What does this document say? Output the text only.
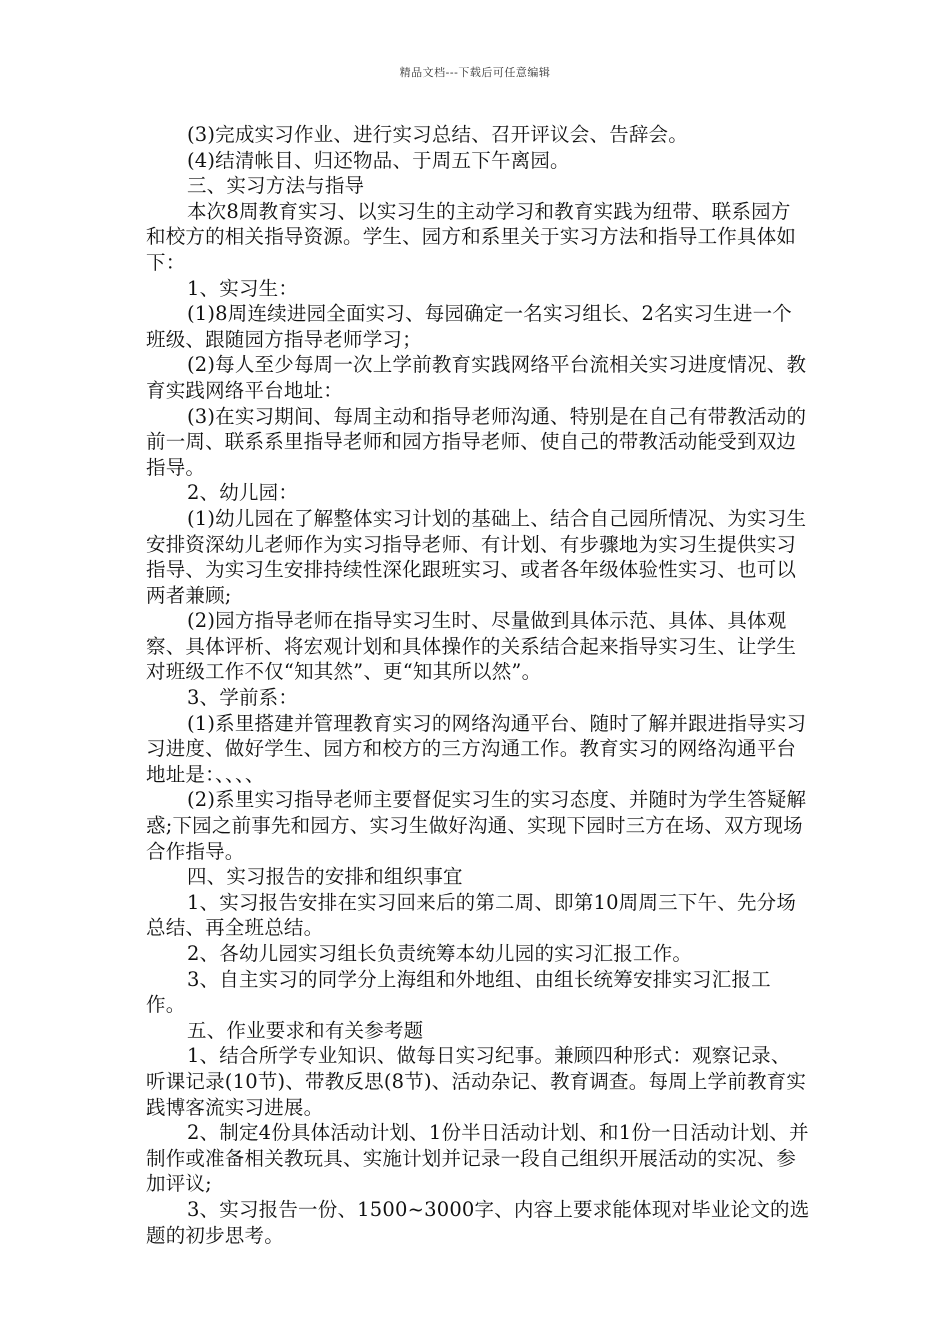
精品文档---下载后可任意编辑

(3)完成实习作业、进行实习总结、召开评议会、告辞会。

(4)结清帐目、归还物品、于周五下午离园。

三、实习方法与指导

本次8周教育实习、以实习生的主动学习和教育实践为纽带、联系园方和校方的相关指导资源。学生、园方和系里关于实习方法和指导工作具体如下：

1、实习生：

(1)8周连续进园全面实习、每园确定一名实习组长、2名实习生进一个班级、跟随园方指导老师学习；

(2)每人至少每周一次上学前教育实践网络平台流相关实习进度情况、教育实践网络平台地址：

(3)在实习期间、每周主动和指导老师沟通、特别是在自己有带教活动的前一周、联系系里指导老师和园方指导老师、使自己的带教活动能受到双边指导。

2、幼儿园：

(1)幼儿园在了解整体实习计划的基础上、结合自己园所情况、为实习生安排资深幼儿老师作为实习指导老师、有计划、有步骤地为实习生提供实习指导、为实习生安排持续性深化跟班实习、或者各年级体验性实习、也可以两者兼顾;

(2)园方指导老师在指导实习生时、尽量做到具体示范、具体、具体观察、具体评析、将宏观计划和具体操作的关系结合起来指导实习生、让学生对班级工作不仅“知其然”、更“知其所以然”。

3、学前系：

(1)系里搭建并管理教育实习的网络沟通平台、随时了解并跟进指导实习习进度、做好学生、园方和校方的三方沟通工作。教育实习的网络沟通平台地址是：、、、、

(2)系里实习指导老师主要督促实习生的实习态度、并随时为学生答疑解惑;下园之前事先和园方、实习生做好沟通、实现下园时三方在场、双方现场合作指导。

四、实习报告的安排和组织事宜

1、实习报告安排在实习回来后的第二周、即第10周周三下午、先分场总结、再全班总结。

2、各幼儿园实习组长负责统筹本幼儿园的实习汇报工作。

3、自主实习的同学分上海组和外地组、由组长统筹安排实习汇报工作。

五、作业要求和有关参考题

1、结合所学专业知识、做每日实习纪事。兼顾四种形式：观察记录、听课记录(10节)、带教反思(8节)、活动杂记、教育调查。每周上学前教育实践博客流实习进展。

2、制定4份具体活动计划、1份半日活动计划、和1份一日活动计划、并制作或准备相关教玩具、实施计划并记录一段自己组织开展活动的实况、参加评议;

3、实习报告一份、1500~3000字、内容上要求能体现对毕业论文的选题的初步思考。
